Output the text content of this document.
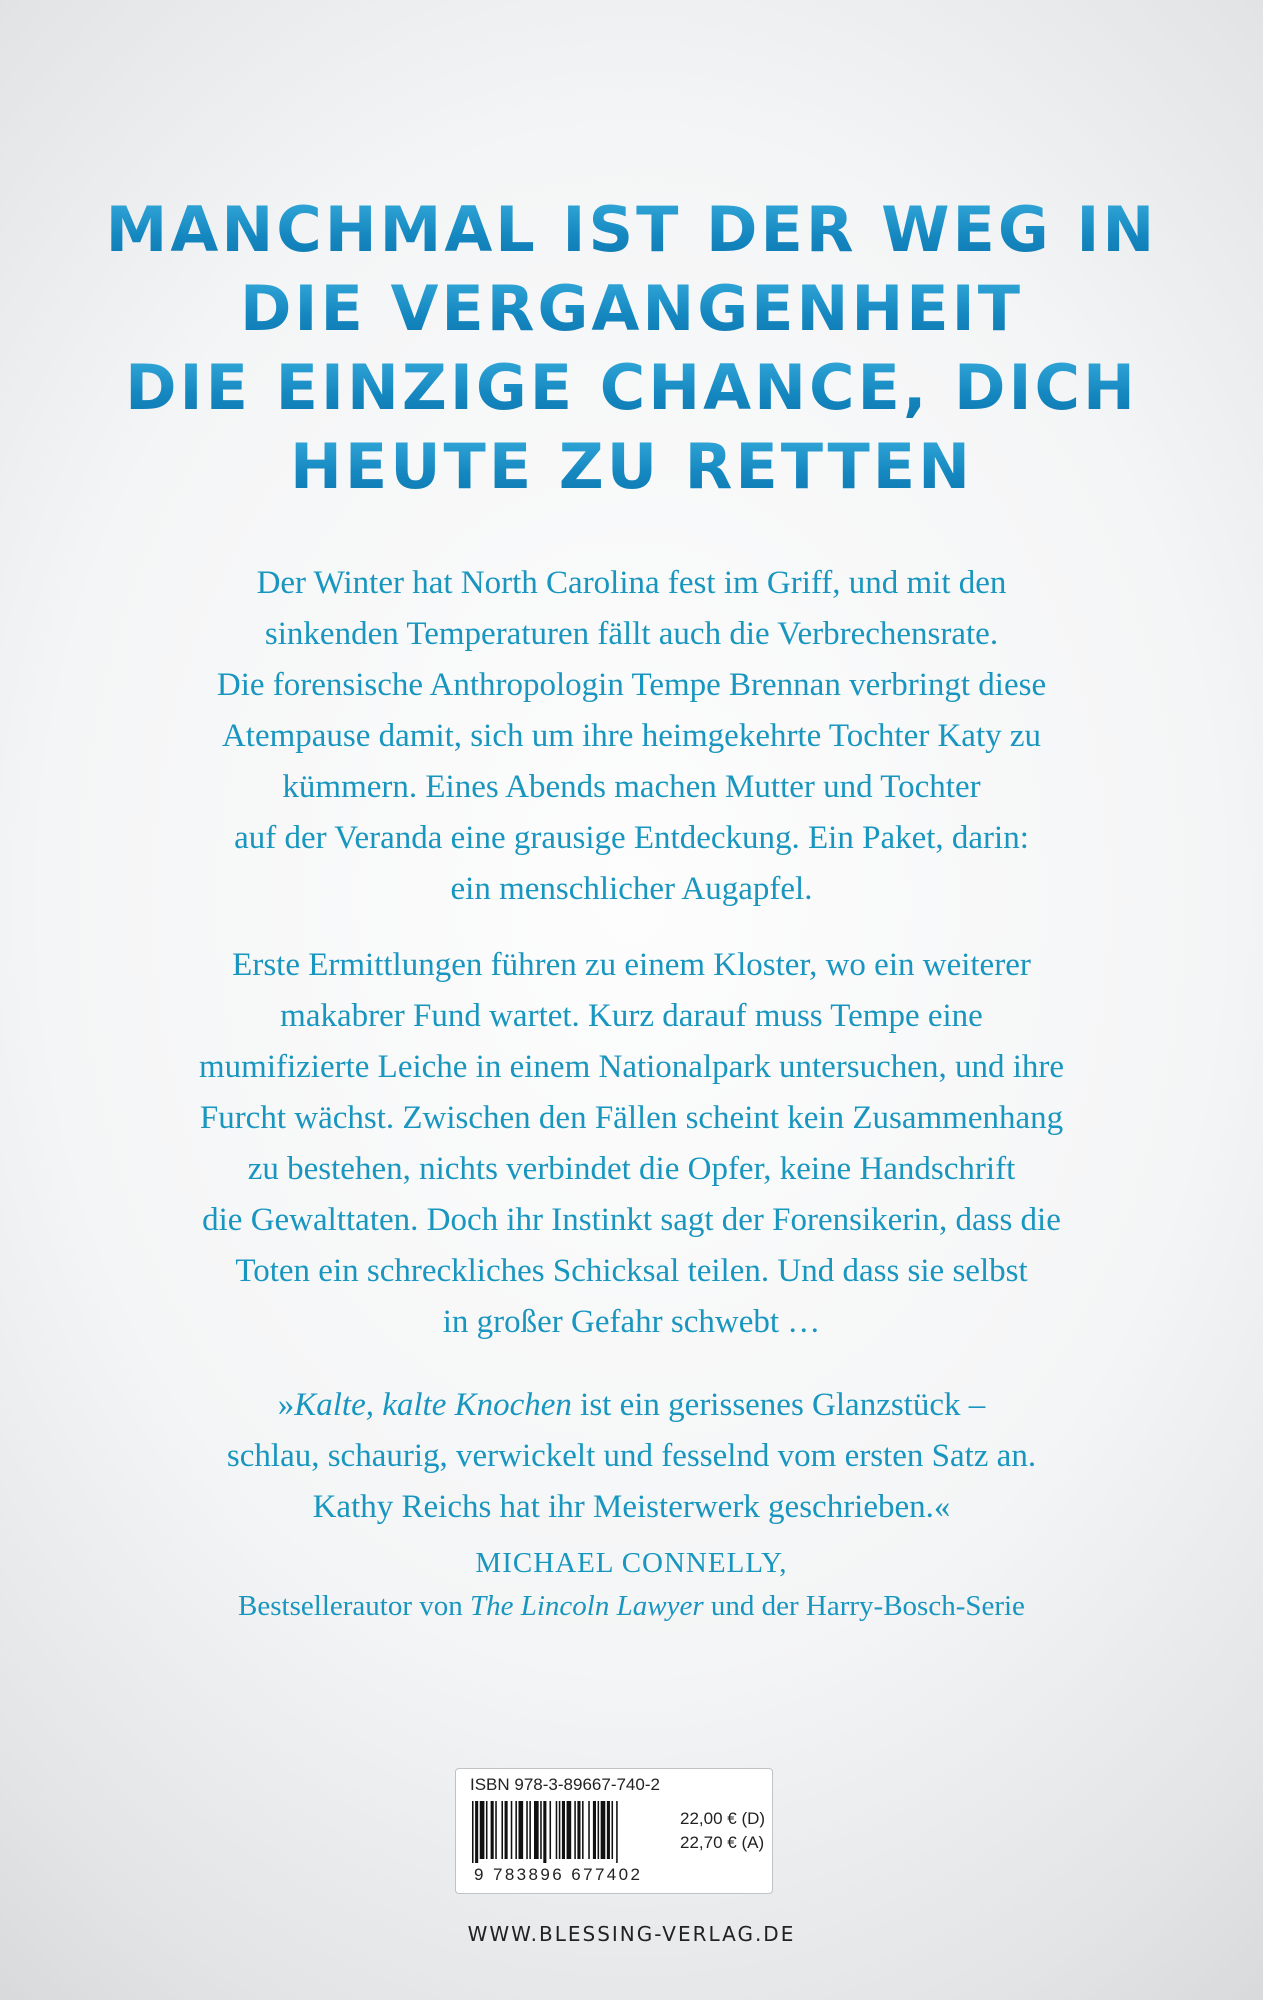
MANCHMAL IST DER WEG IN
DIE VERGANGENHEIT
DIE EINZIGE CHANCE, DICH
HEUTE ZU RETTEN

Der Winter hat North Carolina fest im Griff, und mit den
sinkenden Temperaturen fällt auch die Verbrechensrate.
Die forensische Anthropologin Tempe Brennan verbringt diese
Atempause damit, sich um ihre heimgekehrte Tochter Katy zu
kümmern. Eines Abends machen Mutter und Tochter
auf der Veranda eine grausige Entdeckung. Ein Paket, darin:
ein menschlicher Augapfel.

Erste Ermittlungen führen zu einem Kloster, wo ein weiterer
makabrer Fund wartet. Kurz darauf muss Tempe eine
mumifizierte Leiche in einem Nationalpark untersuchen, und ihre
Furcht wächst. Zwischen den Fällen scheint kein Zusammenhang
zu bestehen, nichts verbindet die Opfer, keine Handschrift
die Gewalttaten. Doch ihr Instinkt sagt der Forensikerin, dass die
Toten ein schreckliches Schicksal teilen. Und dass sie selbst
in großer Gefahr schwebt …

»Kalte, kalte Knochen ist ein gerissenes Glanzstück –
schlau, schaurig, verwickelt und fesselnd vom ersten Satz an.
Kathy Reichs hat ihr Meisterwerk geschrieben.«

MICHAEL CONNELLY,
Bestsellerautor von The Lincoln Lawyer und der Harry-Bosch-Serie

ISBN 978-3-89667-740-2
9 783896 677402
22,00 € (D)
22,70 € (A)

WWW.BLESSING-VERLAG.DE
